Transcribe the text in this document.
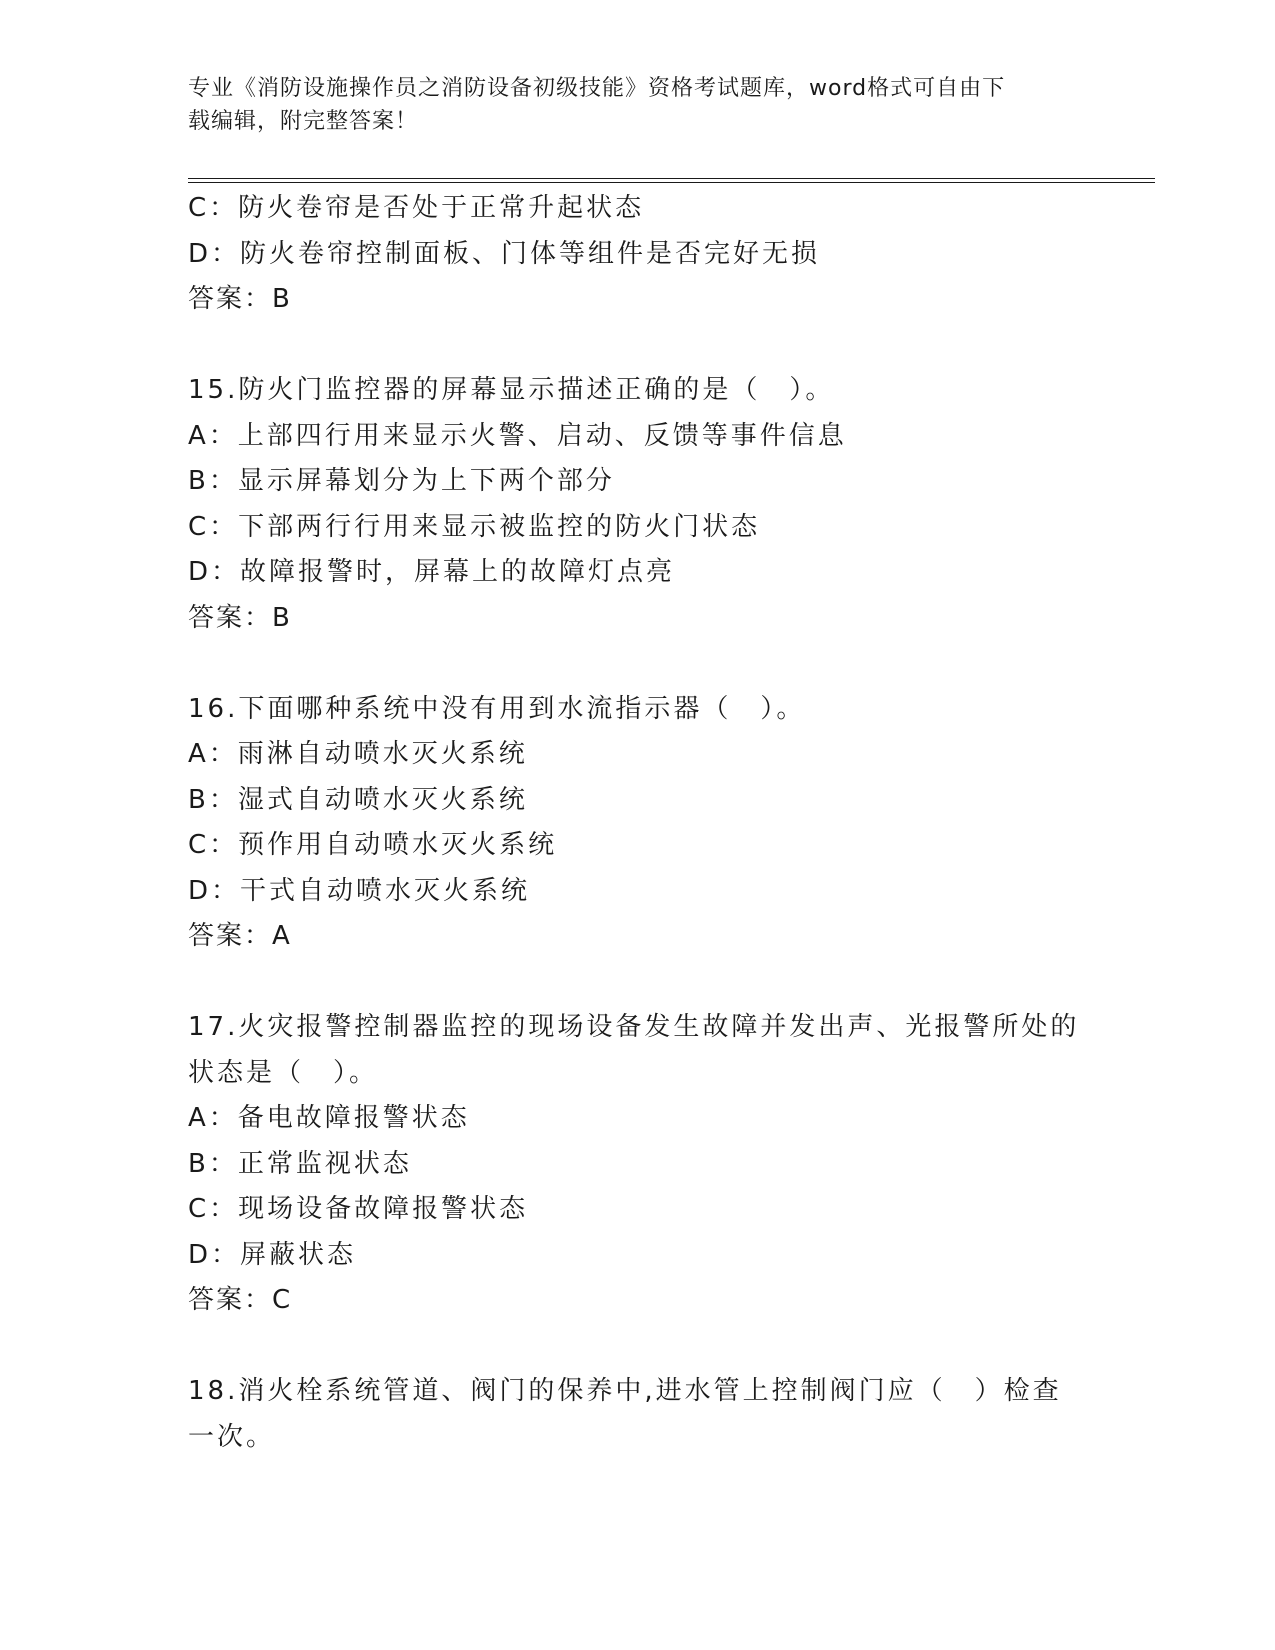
专业《消防设施操作员之消防设备初级技能》资格考试题库，word格式可自由下
载编辑，附完整答案！
C：防火卷帘是否处于正常升起状态
D：防火卷帘控制面板、门体等组件是否完好无损
答案：B
15.防火门监控器的屏幕显示描述正确的是（　）。
A：上部四行用来显示火警、启动、反馈等事件信息
B：显示屏幕划分为上下两个部分
C：下部两行行用来显示被监控的防火门状态
D：故障报警时，屏幕上的故障灯点亮
答案：B
16.下面哪种系统中没有用到水流指示器（　）。
A：雨淋自动喷水灭火系统
B：湿式自动喷水灭火系统
C：预作用自动喷水灭火系统
D：干式自动喷水灭火系统
答案：A
17.火灾报警控制器监控的现场设备发生故障并发出声、光报警所处的
状态是（　）。
A：备电故障报警状态
B：正常监视状态
C：现场设备故障报警状态
D：屏蔽状态
答案：C
18.消火栓系统管道、阀门的保养中,进水管上控制阀门应（　）检查
一次。
